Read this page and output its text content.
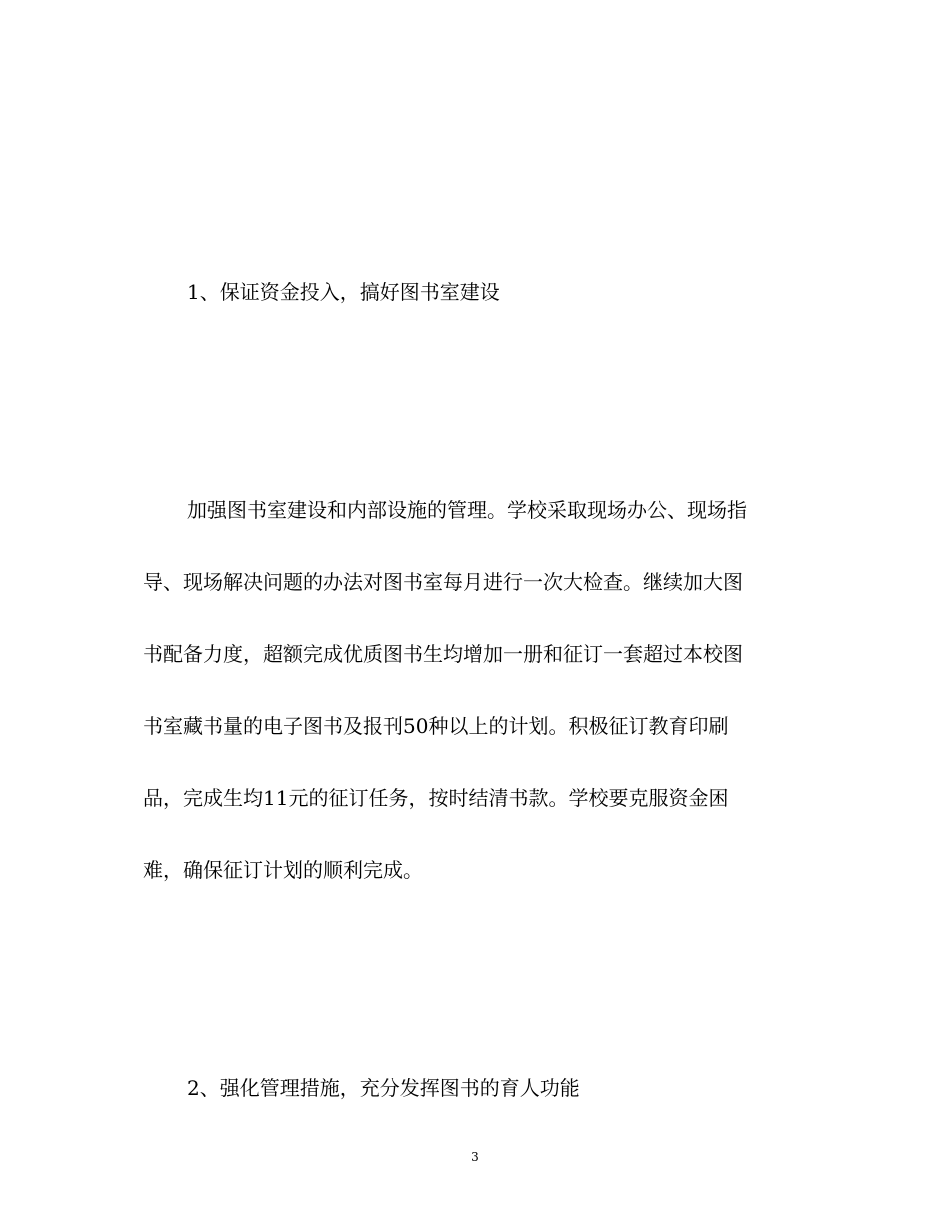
1、保证资金投入，搞好图书室建设
加强图书室建设和内部设施的管理。学校采取现场办公、现场指
导、现场解决问题的办法对图书室每月进行一次大检查。继续加大图
书配备力度，超额完成优质图书生均增加一册和征订一套超过本校图
书室藏书量的电子图书及报刊50种以上的计划。积极征订教育印刷
品，完成生均11元的征订任务，按时结清书款。学校要克服资金困
难，确保征订计划的顺利完成。
2、强化管理措施，充分发挥图书的育人功能
3
